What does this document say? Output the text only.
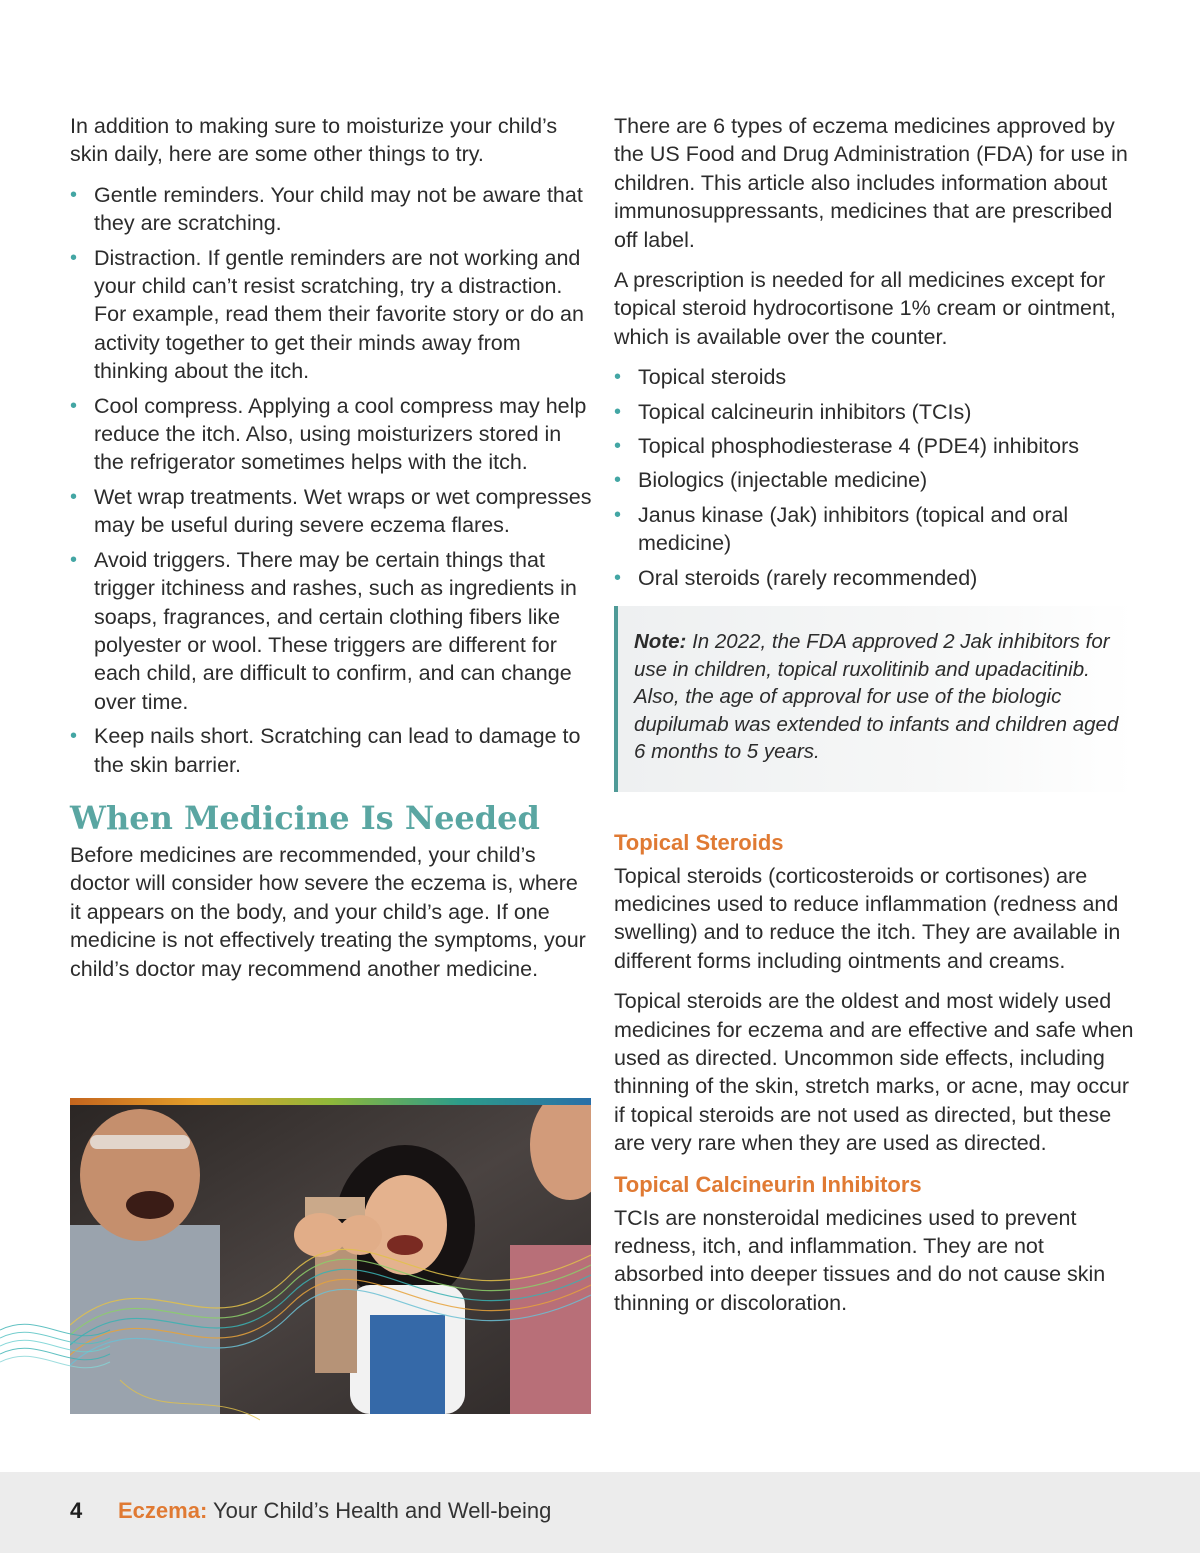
In addition to making sure to moisturize your child’s skin daily, here are some other things to try.

• Gentle reminders. Your child may not be aware that they are scratching.
• Distraction. If gentle reminders are not working and your child can’t resist scratching, try a distraction. For example, read them their favorite story or do an activity together to get their minds away from thinking about the itch.
• Cool compress. Applying a cool compress may help reduce the itch. Also, using moisturizers stored in the refrigerator sometimes helps with the itch.
• Wet wrap treatments. Wet wraps or wet compresses may be useful during severe eczema flares.
• Avoid triggers. There may be certain things that trigger itchiness and rashes, such as ingredients in soaps, fragrances, and certain clothing fibers like polyester or wool. These triggers are different for each child, are difficult to confirm, and can change over time.
• Keep nails short. Scratching can lead to damage to the skin barrier.
When Medicine Is Needed

Before medicines are recommended, your child’s doctor will consider how severe the eczema is, where it appears on the body, and your child’s age. If one medicine is not effectively treating the symptoms, your child’s doctor may recommend another medicine.

There are 6 types of eczema medicines approved by the US Food and Drug Administration (FDA) for use in children. This article also includes information about immunosuppressants, medicines that are prescribed off label.

A prescription is needed for all medicines except for topical steroid hydrocortisone 1% cream or ointment, which is available over the counter.

• Topical steroids
• Topical calcineurin inhibitors (TCIs)
• Topical phosphodiesterase 4 (PDE4) inhibitors
• Biologics (injectable medicine)
• Janus kinase (Jak) inhibitors (topical and oral medicine)
• Oral steroids (rarely recommended)

Note: In 2022, the FDA approved 2 Jak inhibitors for use in children, topical ruxolitinib and upadacitinib. Also, the age of approval for use of the biologic dupilumab was extended to infants and children aged 6 months to 5 years.

Topical Steroids

Topical steroids (corticosteroids or cortisones) are medicines used to reduce inflammation (redness and swelling) and to reduce the itch. They are available in different forms including ointments and creams.

Topical steroids are the oldest and most widely used medicines for eczema and are effective and safe when used as directed. Uncommon side effects, including thinning of the skin, stretch marks, or acne, may occur if topical steroids are not used as directed, but these are very rare when they are used as directed.

Topical Calcineurin Inhibitors

TCIs are nonsteroidal medicines used to prevent redness, itch, and inflammation. They are not absorbed into deeper tissues and do not cause skin thinning or discoloration.

4 Eczema: Your Child’s Health and Well-being
